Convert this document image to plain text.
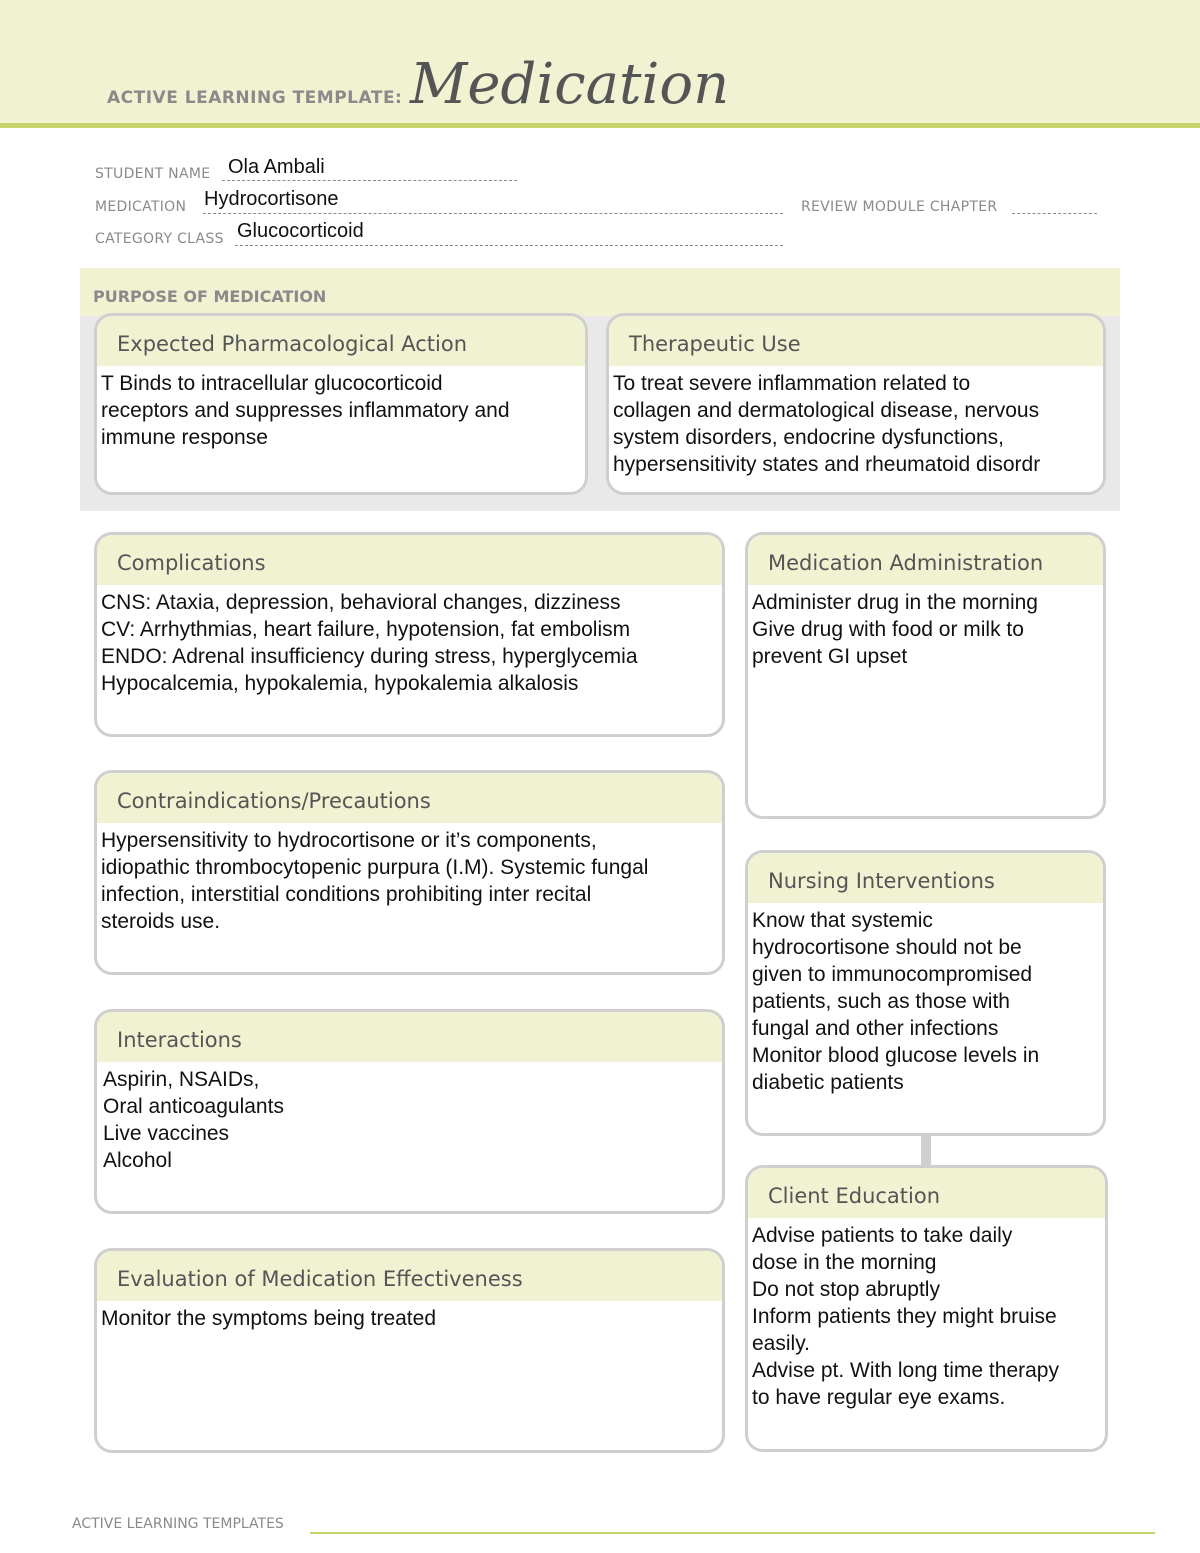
ACTIVE LEARNING TEMPLATE: Medication
STUDENT NAME Ola Ambali
MEDICATION Hydrocortisone	REVIEW MODULE CHAPTER
CATEGORY CLASS Glucocorticoid
PURPOSE OF MEDICATION
Expected Pharmacological Action
T Binds to intracellular glucocorticoid
receptors and suppresses inflammatory and
immune response
Therapeutic Use
To treat severe inflammation related to
collagen and dermatological disease, nervous
system disorders, endocrine dysfunctions,
hypersensitivity states and rheumatoid disordr
Complications
CNS: Ataxia, depression, behavioral changes, dizziness
CV: Arrhythmias, heart failure, hypotension, fat embolism
ENDO: Adrenal insufficiency during stress, hyperglycemia
Hypocalcemia, hypokalemia, hypokalemia alkalosis
Medication Administration
Administer drug in the morning
Give drug with food or milk to
prevent GI upset
Contraindications/Precautions
Hypersensitivity to hydrocortisone or it’s components,
idiopathic thrombocytopenic purpura (I.M). Systemic fungal
infection, interstitial conditions prohibiting inter recital
steroids use.
Nursing Interventions
Know that systemic
hydrocortisone should not be
given to immunocompromised
patients, such as those with
fungal and other infections
Monitor blood glucose levels in
diabetic patients
Interactions
Aspirin, NSAIDs,
Oral anticoagulants
Live vaccines
Alcohol
Client Education
Advise patients to take daily
dose in the morning
Do not stop abruptly
Inform patients they might bruise
easily.
Advise pt. With long time therapy
to have regular eye exams.
Evaluation of Medication Effectiveness
Monitor the symptoms being treated
ACTIVE LEARNING TEMPLATES
